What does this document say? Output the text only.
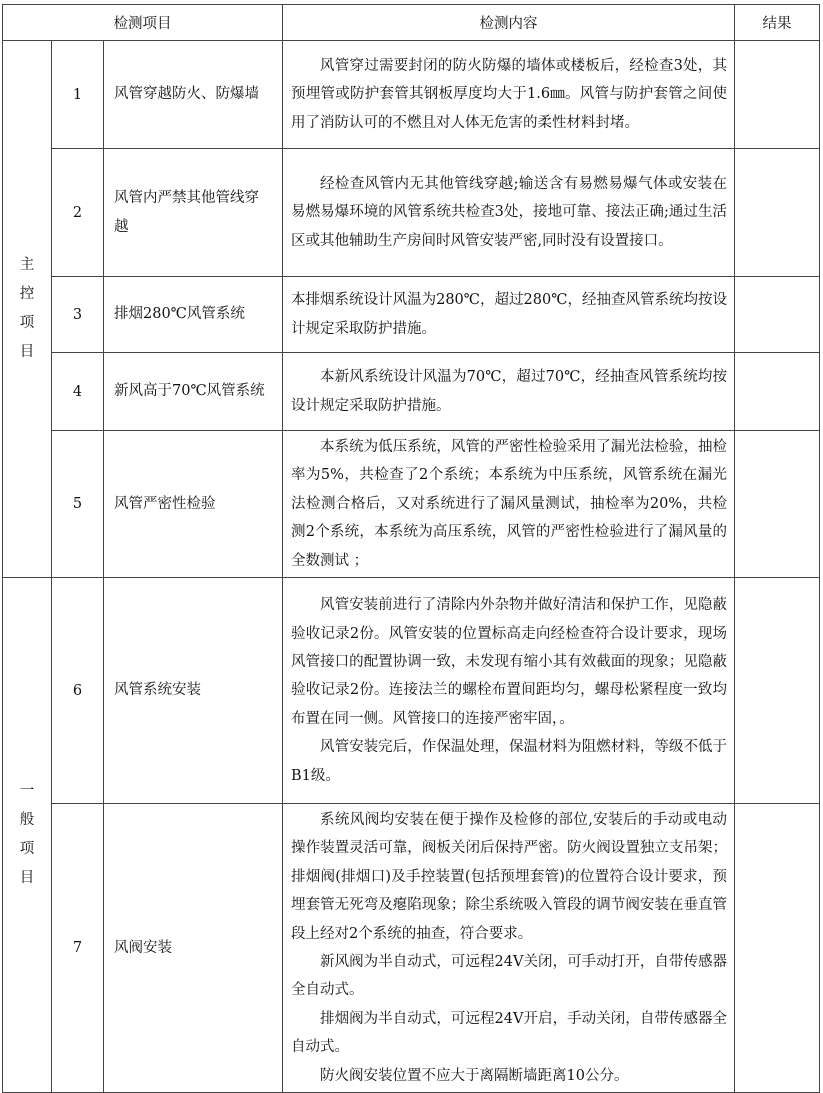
检测项目			检测内容	结果
主控项目	1	风管穿越防火、防爆墙	风管穿过需要封闭的防火防爆的墙体或楼板后，经检查3处，其预埋管或防护套管其钢板厚度均大于1.6㎜。风管与防护套管之间使用了消防认可的不燃且对人体无危害的柔性材料封堵。	

	2	风管内严禁其他管线穿越	经检查风管内无其他管线穿越;输送含有易燃易爆气体或安装在易燃易爆环境的风管系统共检查3处，接地可靠、接法正确;通过生活区或其他辅助生产房间时风管安装严密,同时没有设置接口。	

	3	排烟280℃风管系统	本排烟系统设计风温为280℃，超过280℃，经抽查风管系统均按设计规定采取防护措施。	

	4	新风高于70℃风管系统	本新风系统设计风温为70℃，超过70℃，经抽查风管系统均按设计规定采取防护措施。	

	5	风管严密性检验	本系统为低压系统，风管的严密性检验采用了漏光法检验，抽检率为5%，共检查了2个系统；本系统为中压系统，风管系统在漏光法检测合格后，又对系统进行了漏风量测试，抽检率为20%，共检测2个系统，本系统为高压系统，风管的严密性检验进行了漏风量的全数测试 ；	

一般项目	6	风管系统安装	风管安装前进行了清除内外杂物并做好清洁和保护工作，见隐蔽验收记录2份。风管安装的位置标高走向经检查符合设计要求，现场风管接口的配置协调一致，未发现有缩小其有效截面的现象；见隐蔽验收记录2份。连接法兰的螺栓布置间距均匀，螺母松紧程度一致均布置在同一侧。风管接口的连接严密牢固，。

风管安装完后，作保温处理，保温材料为阻燃材料，等级不低于B1级。	

	7	风阀安装	系统风阀均安装在便于操作及检修的部位,安装后的手动或电动操作装置灵活可靠，阀板关闭后保持严密。防火阀设置独立支吊架；排烟阀(排烟口)及手控装置(包括预埋套管)的位置符合设计要求，预埋套管无死弯及瘪陷现象；除尘系统吸入管段的调节阀安装在垂直管段上经对2个系统的抽查，符合要求。

新风阀为半自动式，可远程24V关闭，可手动打开，自带传感器全自动式。

排烟阀为半自动式，可远程24V开启，手动关闭，自带传感器全自动式。

防火阀安装位置不应大于离隔断墙距离10公分。	
